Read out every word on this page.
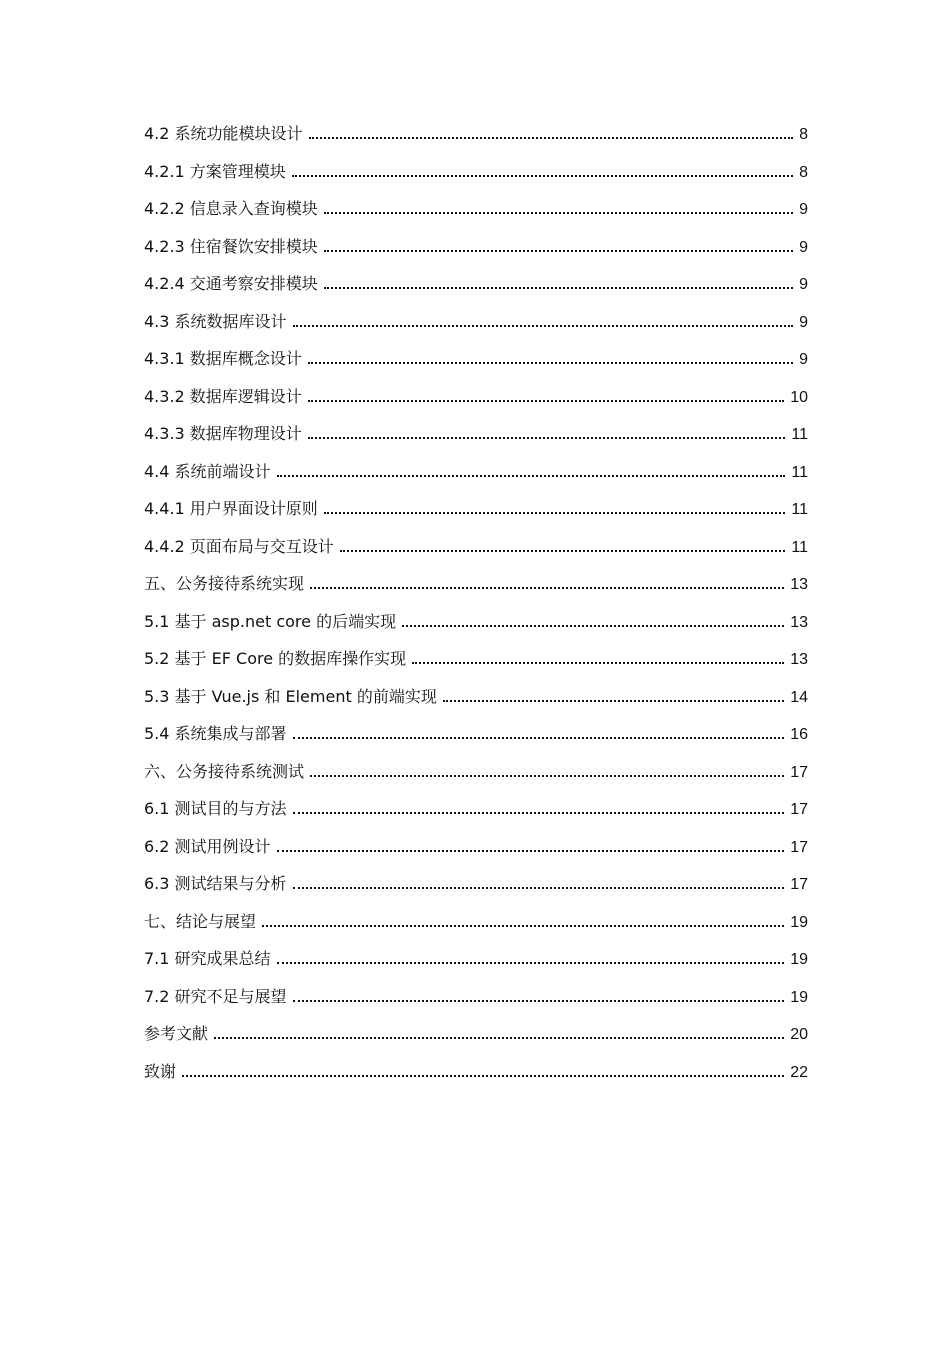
4.2 系统功能模块设计	8
4.2.1 方案管理模块	8
4.2.2 信息录入查询模块	9
4.2.3 住宿餐饮安排模块	9
4.2.4 交通考察安排模块	9
4.3 系统数据库设计	9
4.3.1 数据库概念设计	9
4.3.2 数据库逻辑设计	10
4.3.3 数据库物理设计	11
4.4 系统前端设计	11
4.4.1 用户界面设计原则	11
4.4.2 页面布局与交互设计	11
五、公务接待系统实现	13
5.1 基于 asp.net core 的后端实现	13
5.2 基于 EF Core 的数据库操作实现	13
5.3 基于 Vue.js 和 Element 的前端实现	14
5.4 系统集成与部署	16
六、公务接待系统测试	17
6.1 测试目的与方法	17
6.2 测试用例设计	17
6.3 测试结果与分析	17
七、结论与展望	19
7.1 研究成果总结	19
7.2 研究不足与展望	19
参考文献	20
致谢	22
